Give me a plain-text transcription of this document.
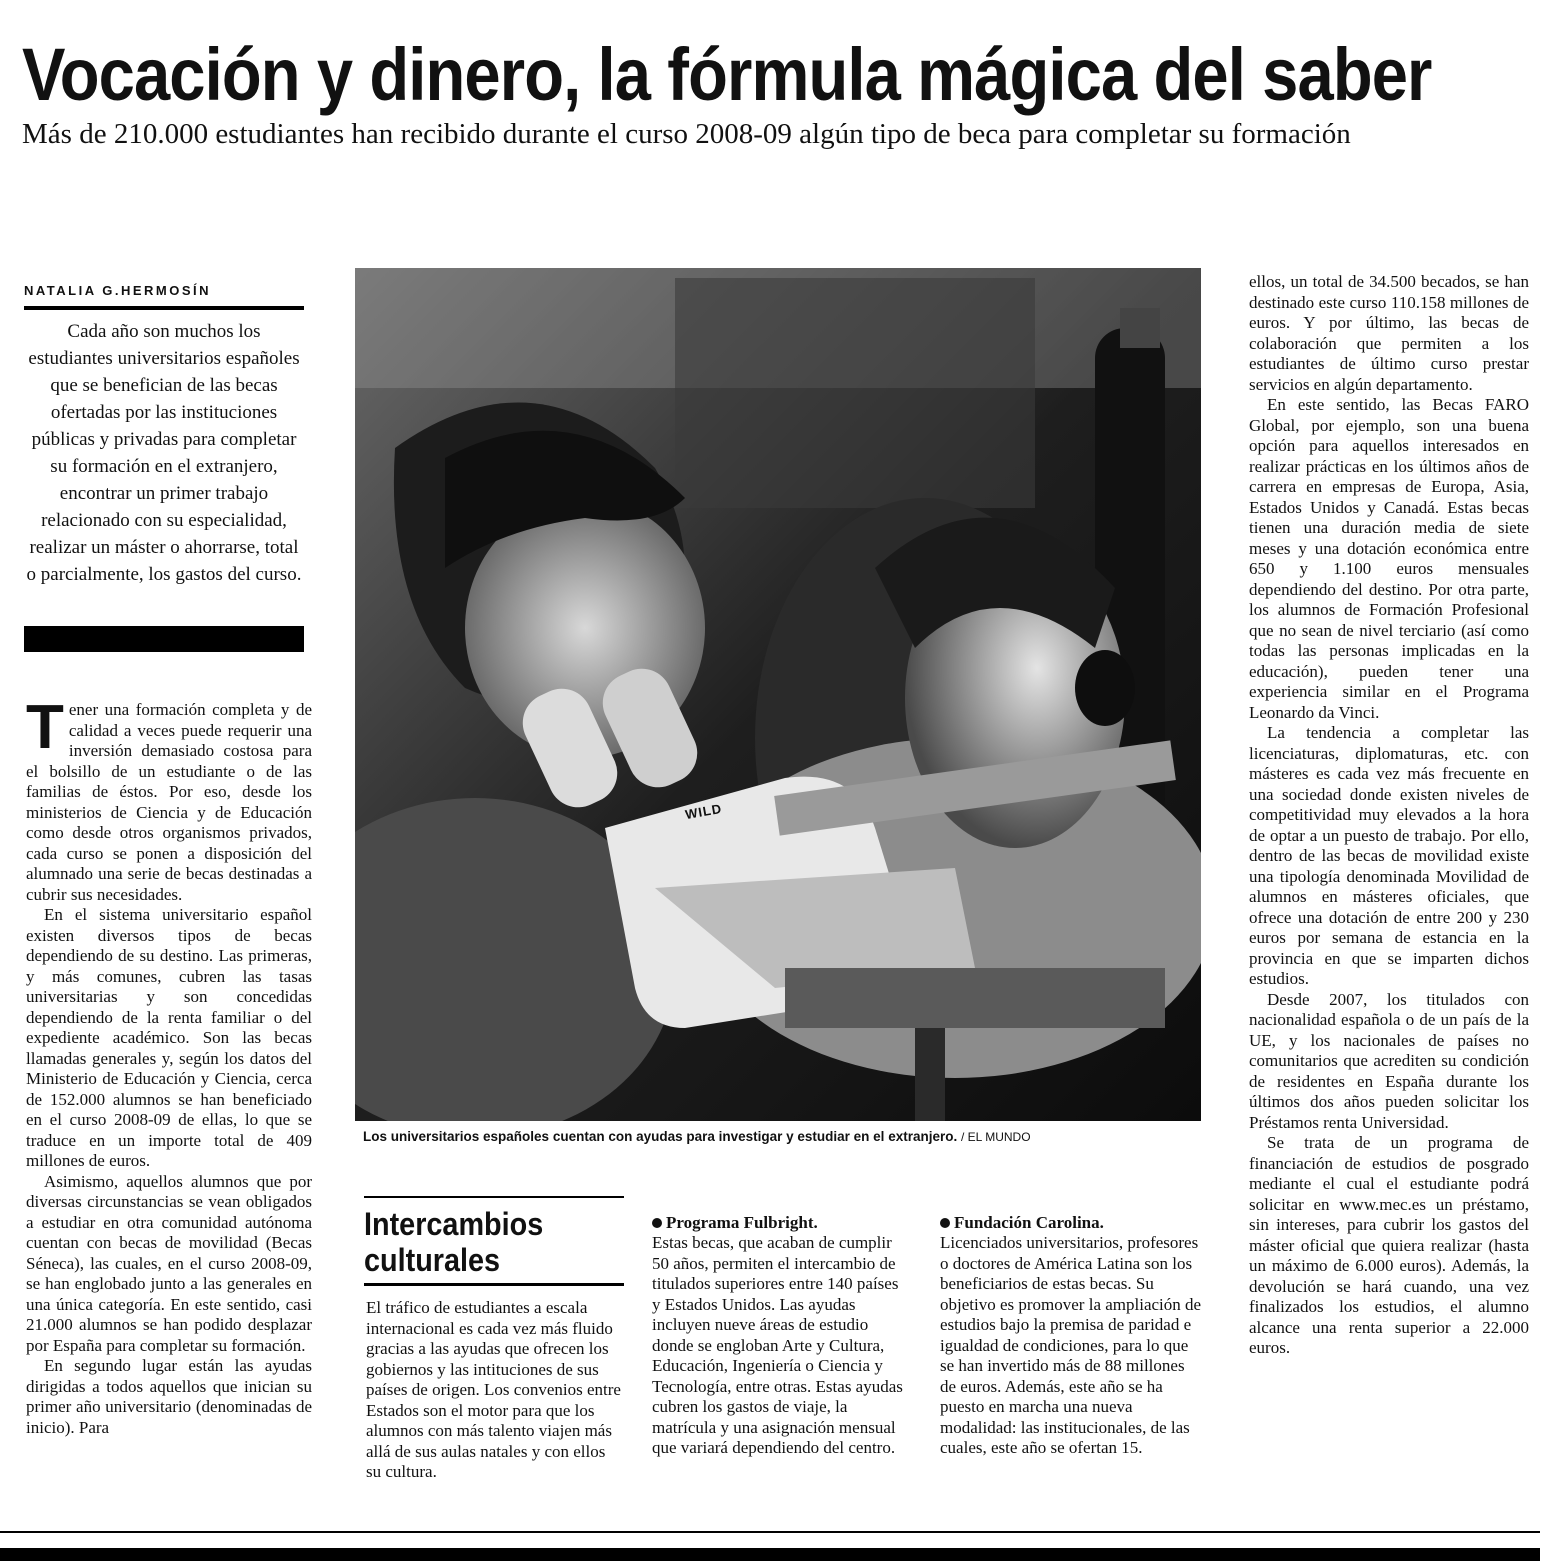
Vocación y dinero, la fórmula mágica del saber
Más de 210.000 estudiantes han recibido durante el curso 2008-09 algún tipo de beca para completar su formación
NATALIA G.HERMOSÍN

Cada año son muchos los estudiantes universitarios españoles que se benefician de las becas ofertadas por las instituciones públicas y privadas para completar su formación en el extranjero, encontrar un primer trabajo relacionado con su especialidad, realizar un máster o ahorrarse, total o parcialmente, los gastos del curso.

Tener una formación completa y de calidad a veces puede requerir una inversión demasiado costosa para el bolsillo de un estudiante o de las familias de éstos. Por eso, desde los ministerios de Ciencia y de Educación como desde otros organismos privados, cada curso se ponen a disposición del alumnado una serie de becas destinadas a cubrir sus necesidades.

En el sistema universitario español existen diversos tipos de becas dependiendo de su destino. Las primeras, y más comunes, cubren las tasas universitarias y son concedidas dependiendo de la renta familiar o del expediente académico. Son las becas llamadas generales y, según los datos del Ministerio de Educación y Ciencia, cerca de 152.000 alumnos se han beneficiado en el curso 2008-09 de ellas, lo que se traduce en un importe total de 409 millones de euros.

Asimismo, aquellos alumnos que por diversas circunstancias se vean obligados a estudiar en otra comunidad autónoma cuentan con becas de movilidad (Becas Séneca), las cuales, en el curso 2008-09, se han englobado junto a las generales en una única categoría. En este sentido, casi 21.000 alumnos se han podido desplazar por España para completar su formación.

En segundo lugar están las ayudas dirigidas a todos aquellos que inician su primer año universitario (denominadas de inicio). Para

WILD
Los universitarios españoles cuentan con ayudas para investigar y estudiar en el extranjero. / EL MUNDO
Intercambios
culturales

El tráfico de estudiantes a escala internacional es cada vez más fluido gracias a las ayudas que ofrecen los gobiernos y las intituciones de sus países de origen. Los convenios entre Estados son el motor para que los alumnos con más talento viajen más allá de sus aulas natales y con ellos su cultura.

Programa Fulbright.

Estas becas, que acaban de cumplir 50 años, permiten el intercambio de titulados superiores entre 140 países y Estados Unidos. Las ayudas incluyen nueve áreas de estudio donde se engloban Arte y Cultura, Educación, Ingeniería o Ciencia y Tecnología, entre otras. Estas ayudas cubren los gastos de viaje, la matrícula y una asignación mensual que variará dependiendo del centro.

Fundación Carolina.

Licenciados universitarios, profesores o doctores de América Latina son los beneficiarios de estas becas. Su objetivo es promover la ampliación de estudios bajo la premisa de paridad e igualdad de condiciones, para lo que se han invertido más de 88 millones de euros. Además, este año se ha puesto en marcha una nueva modalidad: las institucionales, de las cuales, este año se ofertan 15.

ellos, un total de 34.500 becados, se han destinado este curso 110.158 millones de euros. Y por último, las becas de colaboración que permiten a los estudiantes de último curso prestar servicios en algún departamento.

En este sentido, las Becas FARO Global, por ejemplo, son una buena opción para aquellos interesados en realizar prácticas en los últimos años de carrera en empresas de Europa, Asia, Estados Unidos y Canadá. Estas becas tienen una duración media de siete meses y una dotación económica entre 650 y 1.100 euros mensuales dependiendo del destino. Por otra parte, los alumnos de Formación Profesional que no sean de nivel terciario (así como todas las personas implicadas en la educación), pueden tener una experiencia similar en el Programa Leonardo da Vinci.

La tendencia a completar las licenciaturas, diplomaturas, etc. con másteres es cada vez más frecuente en una sociedad donde existen niveles de competitividad muy elevados a la hora de optar a un puesto de trabajo. Por ello, dentro de las becas de movilidad existe una tipología denominada Movilidad de alumnos en másteres oficiales, que ofrece una dotación de entre 200 y 230 euros por semana de estancia en la provincia en que se imparten dichos estudios.

Desde 2007, los titulados con nacionalidad española o de un país de la UE, y los nacionales de países no comunitarios que acrediten su condición de residentes en España durante los últimos dos años pueden solicitar los Préstamos renta Universidad.

Se trata de un programa de financiación de estudios de posgrado mediante el cual el estudiante podrá solicitar en www.mec.es un préstamo, sin intereses, para cubrir los gastos del máster oficial que quiera realizar (hasta un máximo de 6.000 euros). Además, la devolución se hará cuando, una vez finalizados los estudios, el alumno alcance una renta superior a 22.000 euros.
